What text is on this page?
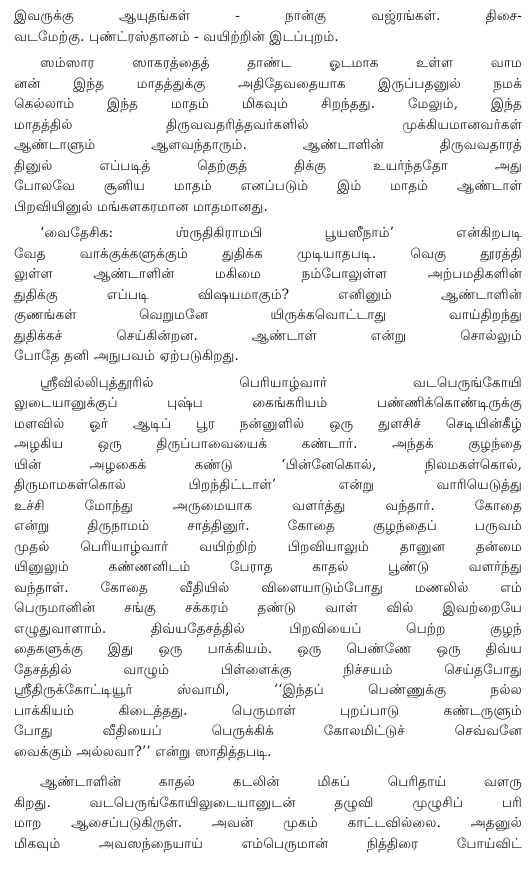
இவருக்கு ஆயுதங்கள் - நான்கு வஜ்ரங்கள். திசை-
வடமேற்கு. புண்ட்ரஸ்தானம் - வயிற்றின் இடப்புறம்.
ஸம்ஸார ஸாகரத்தைத் தாண்ட ஓடமாக உள்ள வாம
னன் இந்த மாதத்துக்கு அதிதேவதையாக இருப்பதனுல் நமக்
கெல்லாம் இந்த மாதம் மிகவும் சிறந்தது. மேலும், இந்த
மாதத்தில் திருவவதரித்தவர்களில் முக்கியமானவர்கள்
ஆண்டாளும் ஆளவந்தாரும். ஆண்டாளின் திருவவதாரத்
தினுல் எப்படித் தெற்குத் திக்கு உயர்ந்ததோ அது
போலவே சூனிய மாதம் எனப்படும் இம் மாதம் ஆண்டாள்
பிறவியினுல் மங்களகரமான மாதமானது.
‘வைதேசிக: ஶ்ருதிகிராமபி பூயஸீநாம்’ என்கிறபடி
வேத வாக்குக்களுக்கும் துதிக்க முடியாதபடி. வெகு தூரத்தி
லுள்ள ஆண்டாளின் மகிமை நம்போலுள்ள அற்பமதிகளின்
துதிக்கு எப்படி விஷயமாகும்? எனினும் ஆண்டாளின்
குணங்கள் வெறுமனே யிருக்கவொட்டாது வாய்திறந்து
துதிக்கச் செய்கின்றன. ஆண்டாள் என்று சொல்லும்
போதே தனி அநுபவம் ஏற்படுகிறது.
ஸ்ரீவில்லிபுத்தூரில் பெரியாழ்வார் வடபெருங்கோயி
லுடையானுக்குப் புஷ்ப கைங்கரியம் பண்ணிக்கொண்டிருக்கு
மளவில் ஓர் ஆடிப் பூர நன்னுளில் ஒரு துளசிச் செடியின்கீழ்
அழகிய ஒரு திருப்பாவையைக் கண்டார். அந்தக் குழந்தை
யின் அழகைக் கண்டு ‘பின்னேகொல், நிலமகள்கொல்,
திருமாமகள்கொல் பிறந்திட்டாள்’ என்று வாரியெடுத்து
உச்சி மோந்து அருமையாக வளர்த்து வந்தார். கோதை
என்று திருநாமம் சாத்தினுர். கோதை குழந்தைப் பருவம்
முதல் பெரியாழ்வார் வயிற்றிற் பிறவியாலும் தானுன தன்மை
யினுலும் கண்ணனிடம் பேராத காதல் பூண்டு வளர்ந்து
வந்தாள். கோதை வீதியில் விளையாடும்போது மணலில் எம்
பெருமானின் சங்கு சக்கரம் தண்டு வாள் வில் இவற்றையே
எழுதுவாளாம். திவ்யதேசத்தில் பிறவியைப் பெற்ற குழந்
தைகளுக்கு இது ஒரு பாக்கியம். ஒரு பெண்ணே ஒரு திவ்ய
தேசத்தில் வாழும் பிள்ளைக்கு நிச்சயம் செய்தபோது
ஸ்ரீதிருக்கோட்டியூர் ஸ்வாமி, ‘‘இந்தப் பெண்ணுக்கு நல்ல
பாக்கியம் கிடைத்தது. பெருமாள் புறப்பாடு கண்டருளும்
போது வீதியைப் பெருக்கிக் கோலமிட்டுச் செவ்வனே
வைக்கும் அல்லவா?’’ என்று ஸாதித்தபடி.
ஆண்டாளின் காதல் கடலின் மிகப் பெரிதாய் வளரு
கிறது. வடபெருங்கோயிலுடையானுடன் தழுவி முழுசிப் பரி
மாற ஆசைப்படுகிருள். அவன் முகம் காட்டவில்லை. அதனுல்
மிகவும் அவஸந்நையாய் எம்பெருமான் நித்திரை போய்விட்
